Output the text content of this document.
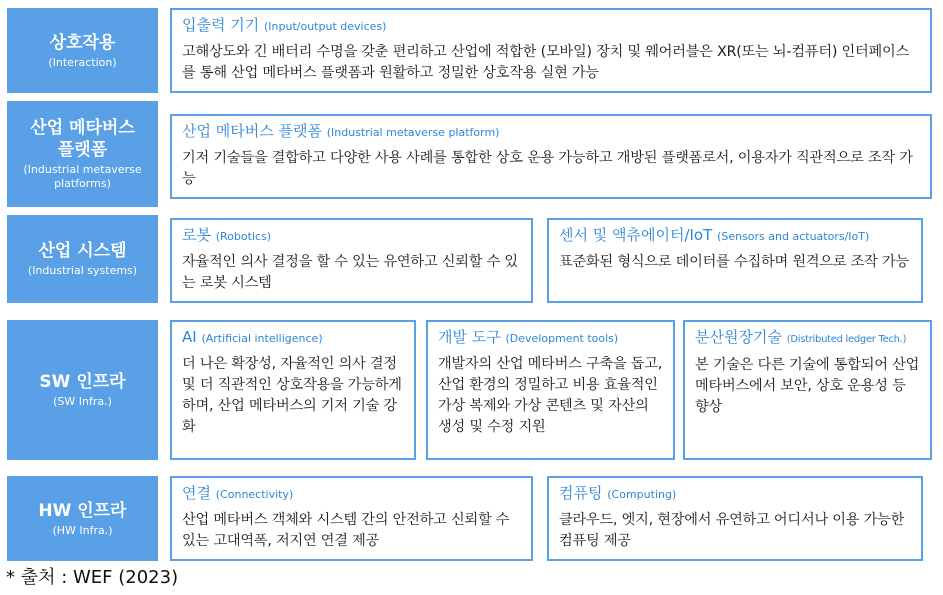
상호작용
(Interaction)
산업 메타버스 플랫폼
(Industrial metaverse platforms)
산업 시스템
(Industrial systems)
SW 인프라
(SW Infra.)
HW 인프라
(HW Infra.)
입출력 기기 (Input/output devices)
고해상도와 긴 배터리 수명을 갖춘 편리하고 산업에 적합한 (모바일) 장치 및 웨어러블은 XR(또는 뇌-컴퓨터) 인터페이스를 통해 산업 메타버스 플랫폼과 원활하고 정밀한 상호작용 실현 가능
산업 메타버스 플랫폼 (Industrial metaverse platform)
기저 기술들을 결합하고 다양한 사용 사례를 통합한 상호 운용 가능하고 개방된 플랫폼로서, 이용자가 직관적으로 조작 가능
로봇 (Robotics)
자율적인 의사 결정을 할 수 있는 유연하고 신뢰할 수 있는 로봇 시스템
센서 및 액츄에이터/IoT (Sensors and actuators/IoT)
표준화된 형식으로 데이터를 수집하며 원격으로 조작 가능
AI (Artificial intelligence)
더 나은 확장성, 자율적인 의사 결정 및 더 직관적인 상호작용을 가능하게 하며, 산업 메타버스의 기저 기술 강화
개발 도구 (Development tools)
개발자의 산업 메타버스 구축을 돕고, 산업 환경의 정밀하고 비용 효율적인 가상 복제와 가상 콘텐츠 및 자산의 생성 및 수정 지원
분산원장기술 (Distributed ledger Tech.)
본 기술은 다른 기술에 통합되어 산업 메타버스에서 보안, 상호 운용성 등 향상
연결 (Connectivity)
산업 메타버스 객체와 시스템 간의 안전하고 신뢰할 수 있는 고대역폭, 저지연 연결 제공
컴퓨팅 (Computing)
클라우드, 엣지, 현장에서 유연하고 어디서나 이용 가능한 컴퓨팅 제공
* 출처 : WEF (2023)
